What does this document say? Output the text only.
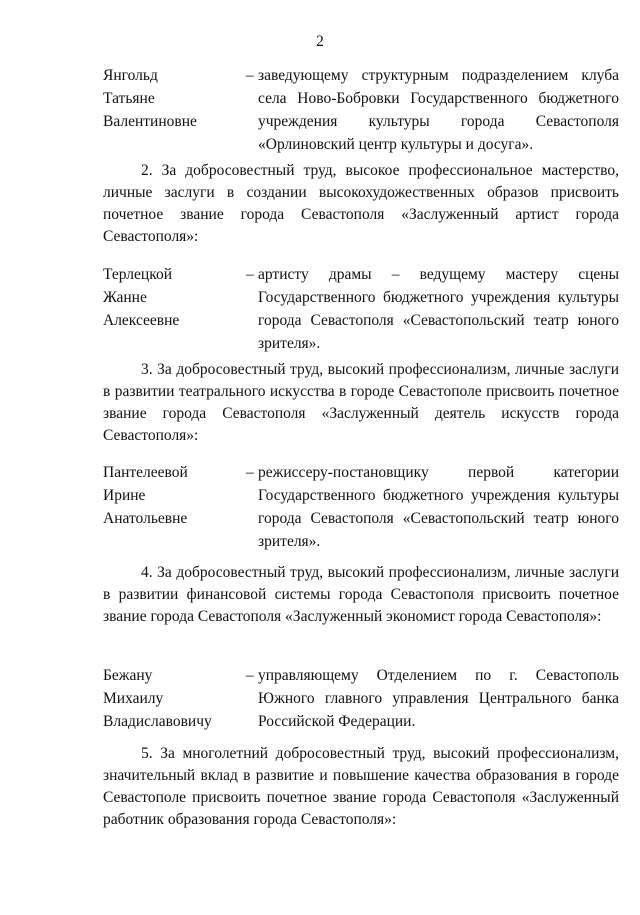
2
Янгольд
Татьяне
Валентиновне
– заведующему структурным подразделением клуба села Ново-Бобровки Государственного бюджетного учреждения культуры города Севастополя «Орлиновский центр культуры и досуга».
2. За добросовестный труд, высокое профессиональное мастерство, личные заслуги в создании высокохудожественных образов присвоить почетное звание города Севастополя «Заслуженный артист города Севастополя»:
Терлецкой
Жанне
Алексеевне
– артисту драмы – ведущему мастеру сцены Государственного бюджетного учреждения культуры города Севастополя «Севастопольский театр юного зрителя».
3. За добросовестный труд, высокий профессионализм, личные заслуги в развитии театрального искусства в городе Севастополе присвоить почетное звание города Севастополя «Заслуженный деятель искусств города Севастополя»:
Пантелеевой
Ирине
Анатольевне
– режиссеру-постановщику первой категории Государственного бюджетного учреждения культуры города Севастополя «Севастопольский театр юного зрителя».
4. За добросовестный труд, высокий профессионализм, личные заслуги в развитии финансовой системы города Севастополя присвоить почетное звание города Севастополя «Заслуженный экономист города Севастополя»:
Бежану
Михаилу
Владиславовичу
– управляющему Отделением по г. Севастополь Южного главного управления Центрального банка Российской Федерации.
5. За многолетний добросовестный труд, высокий профессионализм, значительный вклад в развитие и повышение качества образования в городе Севастополе присвоить почетное звание города Севастополя «Заслуженный работник образования города Севастополя»:
